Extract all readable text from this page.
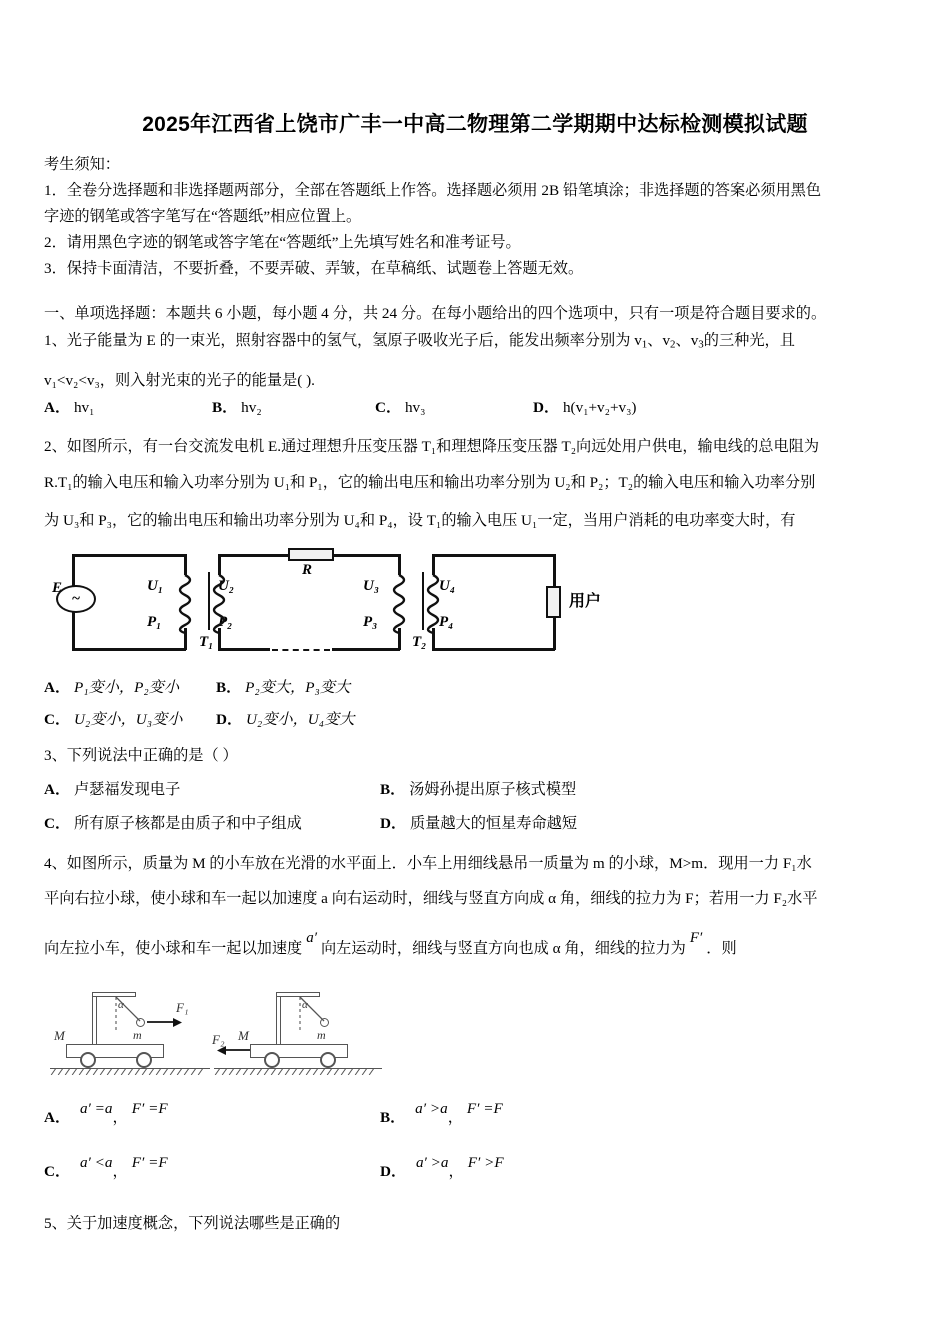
2025年江西省上饶市广丰一中高二物理第二学期期中达标检测模拟试题
考生须知：
1．全卷分选择题和非选择题两部分，全部在答题纸上作答。选择题必须用 2B 铅笔填涂；非选择题的答案必须用黑色
字迹的钢笔或答字笔写在“答题纸”相应位置上。
2．请用黑色字迹的钢笔或答字笔在“答题纸”上先填写姓名和准考证号。
3．保持卡面清洁，不要折叠，不要弄破、弄皱，在草稿纸、试题卷上答题无效。
一、单项选择题：本题共 6 小题，每小题 4 分，共 24 分。在每小题给出的四个选项中，只有一项是符合题目要求的。
1、光子能量为 E 的一束光，照射容器中的氢气，氢原子吸收光子后，能发出频率分别为 $v_1$、$v_2$、$v_3$的三种光，且
v₁<v₂<v₃，则入射光束的光子的能量是( ).
A． hv₁	B． hv₂	C． hv₃	D． h(v₁+v₂+v₃)
2、如图所示，有一台交流发电机 E.通过理想升压变压器 T₁和理想降压变压器 T₂向远处用户供电，输电线的总电阻为
R.T₁的输入电压和输入功率分别为 U₁和 P₁，它的输出电压和输出功率分别为 U₂和 P₂；T₂的输入电压和输入功率分别
为 U₃和 P₃，它的输出电压和输出功率分别为 U₄和 P₄，设 T₁的输入电压 U₁一定，当用户消耗的电功率变大时，有
~
E	U₁
P₁
T₁
R
U₂
P₂
U₃
P₃
T₂
U₄
P₄
用户
A． P₁变小，P₂变小 B． P₂变大，P₃变大
C． U₂变小，U₃变小 D． U₂变小，U₄变大
3、下列说法中正确的是（ ）
A． 卢瑟福发现电子	B． 汤姆孙提出原子核式模型
C． 所有原子核都是由质子和中子组成	D． 质量越大的恒星寿命越短
4、如图所示，质量为 M 的小车放在光滑的水平面上．小车上用细线悬吊一质量为 m 的小球，M>m．现用一力 F₁水
平向右拉小球，使小球和车一起以加速度 a 向右运动时，细线与竖直方向成 α 角，细线的拉力为 F；若用一力 F₂水平
向左拉小车，使小球和车一起以加速度a′向左运动时，细线与竖直方向也成 α 角，细线的拉力为F′．则
M	m
α	F₁
M	m
α
F₂
A． a′ =a，F′ =F
B． a′ >a，F′ =F
C． a′ <a，F′ =F
D． a′ >a，F′ >F
5、关于加速度概念，下列说法哪些是正确的
